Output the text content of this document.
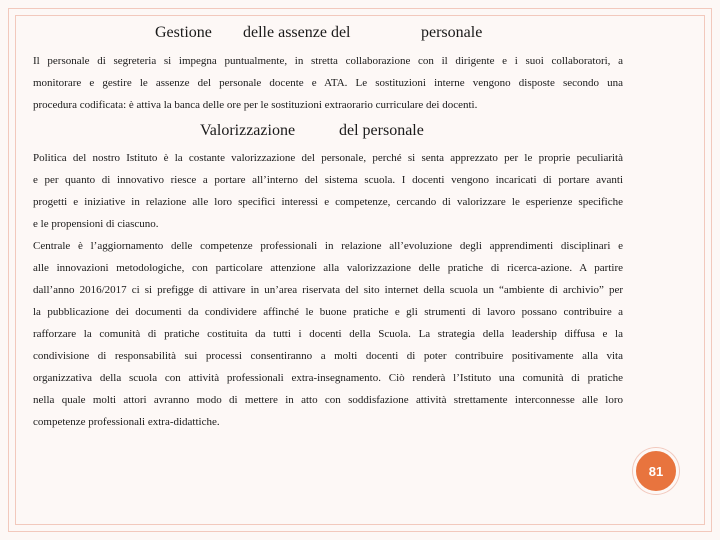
Gestione delle assenze del	personale
Il personale di segreteria si impegna puntualmente, in stretta collaborazione con il dirigente e i suoi collaboratori, a
monitorare e gestire le assenze del personale docente e ATA. Le sostituzioni interne vengono disposte secondo una
procedura codificata: è attiva la banca delle ore per le sostituzioni extraorario curriculare dei docenti.
Valorizzazione	del personale
Politica del nostro Istituto è la costante valorizzazione del personale, perché si senta apprezzato per le proprie peculiarità
e per quanto di innovativo riesce a portare all’interno del sistema scuola. I docenti vengono incaricati di portare avanti
progetti e iniziative in relazione alle loro specifici interessi e competenze, cercando di valorizzare le esperienze specifiche
e le propensioni di ciascuno.
Centrale è l’aggiornamento delle competenze professionali in relazione all’evoluzione degli apprendimenti disciplinari e
alle innovazioni metodologiche, con particolare attenzione alla valorizzazione delle pratiche di ricerca-azione. A partire
dall’anno 2016/2017 ci si prefigge di attivare in un’area riservata del sito internet della scuola un “ambiente di archivio” per
la pubblicazione dei documenti da condividere affinché le buone pratiche e gli strumenti di lavoro possano contribuire a
rafforzare la comunità di pratiche costituita da tutti i docenti della Scuola. La strategia della leadership diffusa e la
condivisione di responsabilità sui processi consentiranno a molti docenti di poter contribuire positivamente alla vita
organizzativa della scuola con attività professionali extra-insegnamento. Ciò renderà l’Istituto una comunità di pratiche
nella quale molti attori avranno modo di mettere in atto con soddisfazione attività strettamente interconnesse alle loro
competenze professionali extra-didattiche.
81
